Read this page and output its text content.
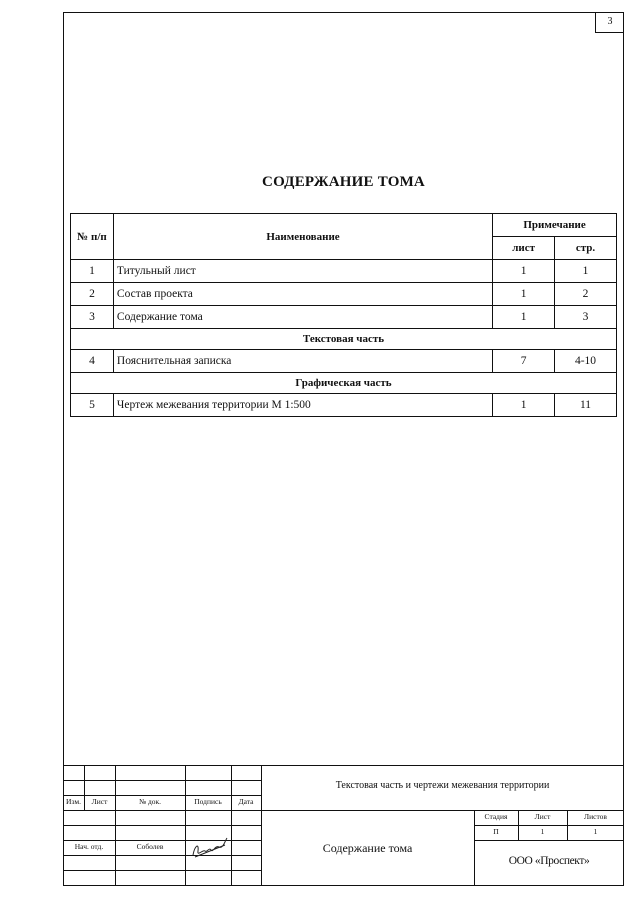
3
СОДЕРЖАНИЕ ТОМА
№ п/п	Наименование	Примечание	
		лист	стр.
1	Титульный лист	1	1
2	Состав проекта	1	2
3	Содержание тома	1	3
Текстовая часть			
4	Пояснительная записка	7	4-10
Графическая часть			
5	Чертеж межевания территории М 1:500	1	11
Изм.	Лист	№ док.	Подпись	Дата
Нач. отд.	Соболев
Текстовая часть и чертежи межевания территории
Содержание тома
Стадия	Лист	Листов
П	1	1
ООО «Проспект»
